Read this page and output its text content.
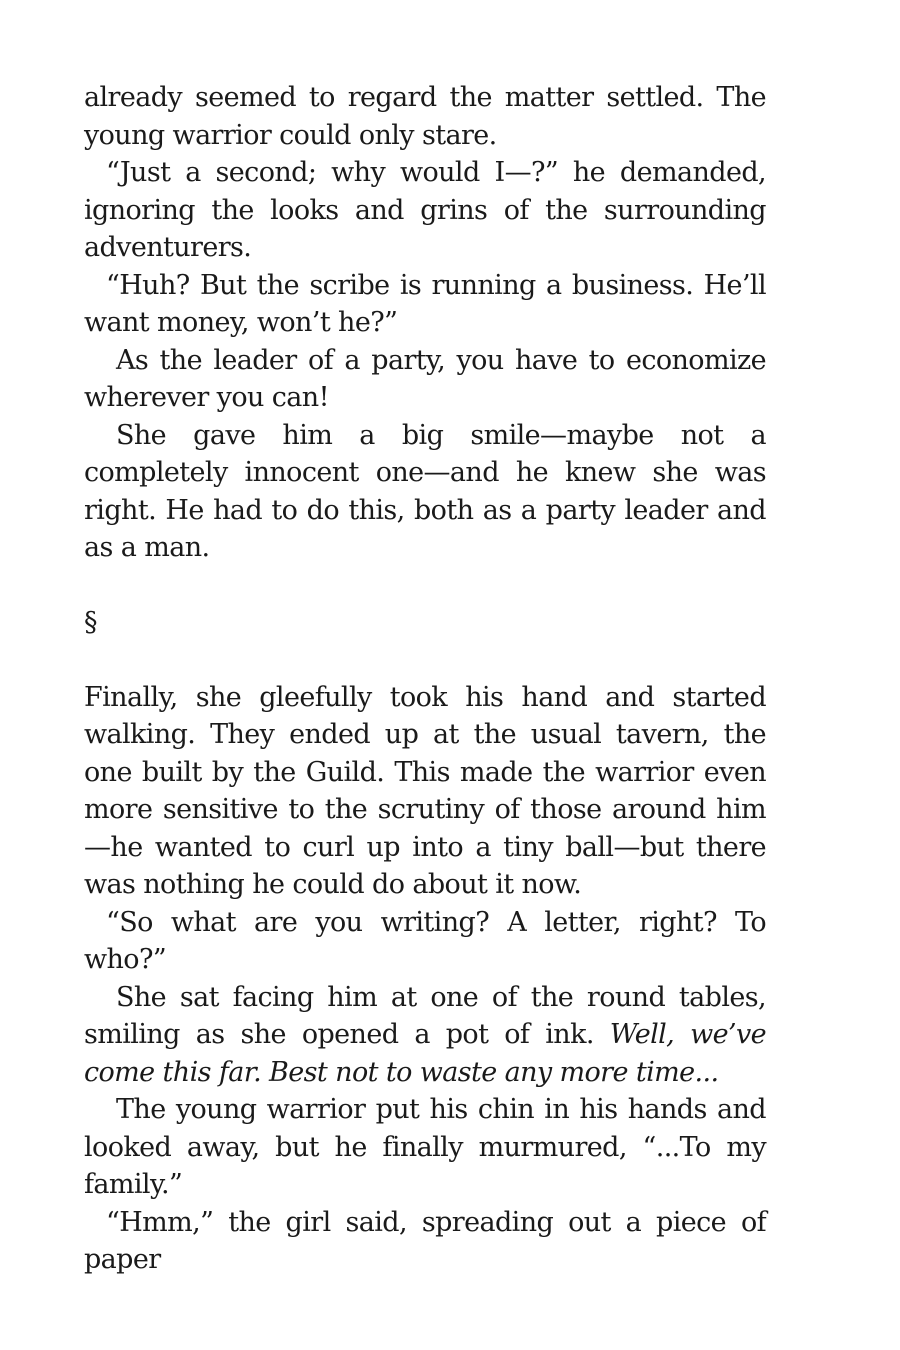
already seemed to regard the matter settled. The young warrior could only stare.

“Just a second; why would I—?” he demanded, ignoring the looks and grins of the surrounding adventurers.

“Huh? But the scribe is running a business. He’ll want money, won’t he?”

As the leader of a party, you have to economize wherever you can!

She gave him a big smile—maybe not a completely innocent one—and he knew she was right. He had to do this, both as a party leader and as a man.

§

Finally, she gleefully took his hand and started walking. They ended up at the usual tavern, the one built by the Guild. This made the warrior even more sensitive to the scrutiny of those around him—he wanted to curl up into a tiny ball—but there was nothing he could do about it now.

“So what are you writing? A letter, right? To who?”

She sat facing him at one of the round tables, smiling as she opened a pot of ink. Well, we’ve come this far. Best not to waste any more time...

The young warrior put his chin in his hands and looked away, but he finally murmured, “...To my family.”

“Hmm,” the girl said, spreading out a piece of paper
